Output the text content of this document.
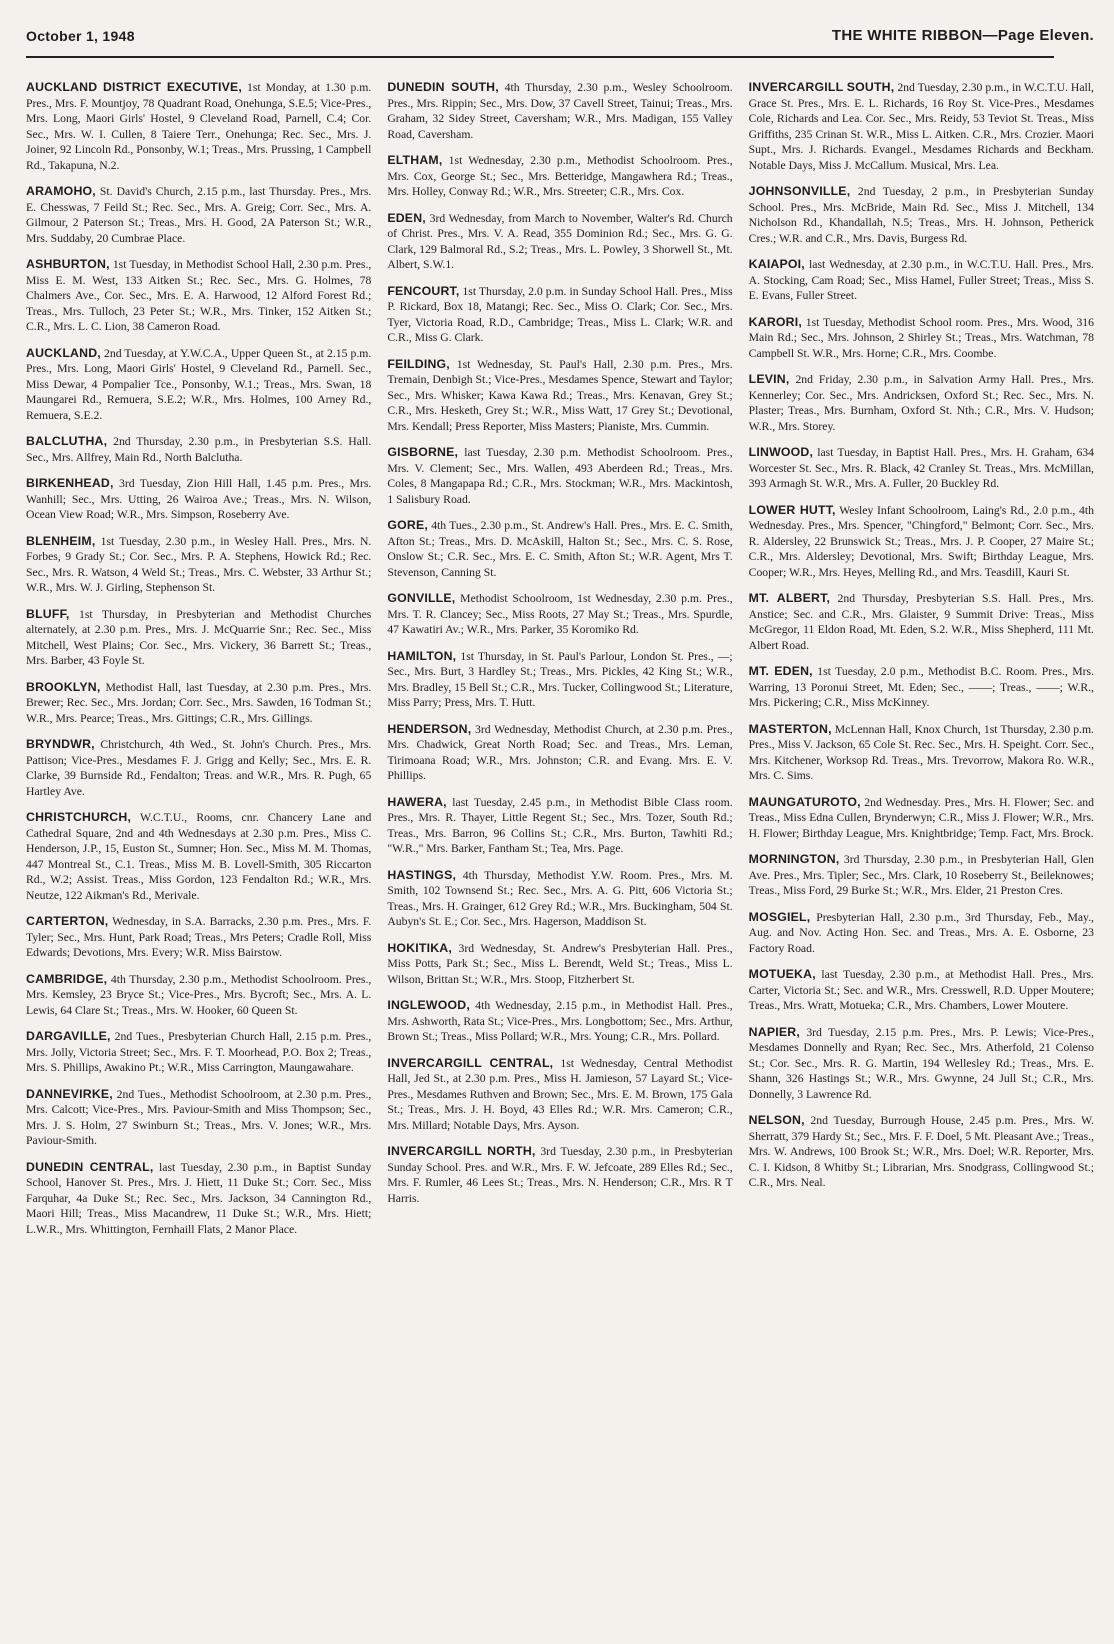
October 1, 1948	THE WHITE RIBBON—Page Eleven.

AUCKLAND DISTRICT EXECUTIVE, 1st Monday, at 1.30 p.m. Pres., Mrs. F. Mountjoy, 78 Quadrant Road, Onehunga, S.E.5; Vice-Pres., Mrs. Long, Maori Girls' Hostel, 9 Cleveland Road, Parnell, C.4; Cor. Sec., Mrs. W. I. Cullen, 8 Taiere Terr., Onehunga; Rec. Sec., Mrs. J. Joiner, 92 Lincoln Rd., Ponsonby, W.1; Treas., Mrs. Prussing, 1 Campbell Rd., Takapuna, N.2.

ARAMOHO, St. David's Church, 2.15 p.m., last Thursday. Pres., Mrs. E. Chesswas, 7 Feild St.; Rec. Sec., Mrs. A. Greig; Corr. Sec., Mrs. A. Gilmour, 2 Paterson St.; Treas., Mrs. H. Good, 2A Paterson St.; W.R., Mrs. Suddaby, 20 Cumbrae Place.

ASHBURTON, 1st Tuesday, in Methodist School Hall, 2.30 p.m. Pres., Miss E. M. West, 133 Aitken St.; Rec. Sec., Mrs. G. Holmes, 78 Chalmers Ave., Cor. Sec., Mrs. E. A. Harwood, 12 Alford Forest Rd.; Treas., Mrs. Tulloch, 23 Peter St.; W.R., Mrs. Tinker, 152 Aitken St.; C.R., Mrs. L. C. Lion, 38 Cameron Road.

AUCKLAND, 2nd Tuesday, at Y.W.C.A., Upper Queen St., at 2.15 p.m. Pres., Mrs. Long, Maori Girls' Hostel, 9 Cleveland Rd., Parnell. Sec., Miss Dewar, 4 Pompalier Tce., Ponsonby, W.1.; Treas., Mrs. Swan, 18 Maungarei Rd., Remuera, S.E.2; W.R., Mrs. Holmes, 100 Arney Rd., Remuera, S.E.2.

BALCLUTHA, 2nd Thursday, 2.30 p.m., in Presbyterian S.S. Hall. Sec., Mrs. Allfrey, Main Rd., North Balclutha.

BIRKENHEAD, 3rd Tuesday, Zion Hill Hall, 1.45 p.m. Pres., Mrs. Wanhill; Sec., Mrs. Utting, 26 Wairoa Ave.; Treas., Mrs. N. Wilson, Ocean View Road; W.R., Mrs. Simpson, Roseberry Ave.

BLENHEIM, 1st Tuesday, 2.30 p.m., in Wesley Hall. Pres., Mrs. N. Forbes, 9 Grady St.; Cor. Sec., Mrs. P. A. Stephens, Howick Rd.; Rec. Sec., Mrs. R. Watson, 4 Weld St.; Treas., Mrs. C. Webster, 33 Arthur St.; W.R., Mrs. W. J. Girling, Stephenson St.

BLUFF, 1st Thursday, in Presbyterian and Methodist Churches alternately, at 2.30 p.m. Pres., Mrs. J. McQuarrie Snr.; Rec. Sec., Miss Mitchell, West Plains; Cor. Sec., Mrs. Vickery, 36 Barrett St.; Treas., Mrs. Barber, 43 Foyle St.

BROOKLYN, Methodist Hall, last Tuesday, at 2.30 p.m. Pres., Mrs. Brewer; Rec. Sec., Mrs. Jordan; Corr. Sec., Mrs. Sawden, 16 Todman St.; W.R., Mrs. Pearce; Treas., Mrs. Gittings; C.R., Mrs. Gillings.

BRYNDWR, Christchurch, 4th Wed., St. John's Church. Pres., Mrs. Pattison; Vice-Pres., Mesdames F. J. Grigg and Kelly; Sec., Mrs. E. R. Clarke, 39 Burnside Rd., Fendalton; Treas. and W.R., Mrs. R. Pugh, 65 Hartley Ave.

CHRISTCHURCH, W.C.T.U., Rooms, cnr. Chancery Lane and Cathedral Square, 2nd and 4th Wednesdays at 2.30 p.m. Pres., Miss C. Henderson, J.P., 15, Euston St., Sumner; Hon. Sec., Miss M. M. Thomas, 447 Montreal St., C.1. Treas., Miss M. B. Lovell-Smith, 305 Riccarton Rd., W.2; Assist. Treas., Miss Gordon, 123 Fendalton Rd.; W.R., Mrs. Neutze, 122 Aikman's Rd., Merivale.

CARTERTON, Wednesday, in S.A. Barracks, 2.30 p.m. Pres., Mrs. F. Tyler; Sec., Mrs. Hunt, Park Road; Treas., Mrs Peters; Cradle Roll, Miss Edwards; Devotions, Mrs. Every; W.R. Miss Bairstow.

CAMBRIDGE, 4th Thursday, 2.30 p.m., Methodist Schoolroom. Pres., Mrs. Kemsley, 23 Bryce St.; Vice-Pres., Mrs. Bycroft; Sec., Mrs. A. L. Lewis, 64 Clare St.; Treas., Mrs. W. Hooker, 60 Queen St.

DARGAVILLE, 2nd Tues., Presbyterian Church Hall, 2.15 p.m. Pres., Mrs. Jolly, Victoria Street; Sec., Mrs. F. T. Moorhead, P.O. Box 2; Treas., Mrs. S. Phillips, Awakino Pt.; W.R., Miss Carrington, Maungawahare.

DANNEVIRKE, 2nd Tues., Methodist Schoolroom, at 2.30 p.m. Pres., Mrs. Calcott; Vice-Pres., Mrs. Paviour-Smith and Miss Thompson; Sec., Mrs. J. S. Holm, 27 Swinburn St.; Treas., Mrs. V. Jones; W.R., Mrs. Paviour-Smith.

DUNEDIN CENTRAL, last Tuesday, 2.30 p.m., in Baptist Sunday School, Hanover St. Pres., Mrs. J. Hiett, 11 Duke St.; Corr. Sec., Miss Farquhar, 4a Duke St.; Rec. Sec., Mrs. Jackson, 34 Cannington Rd., Maori Hill; Treas., Miss Macandrew, 11 Duke St.; W.R., Mrs. Hiett; L.W.R., Mrs. Whittington, Fernhaill Flats, 2 Manor Place.

DUNEDIN SOUTH, 4th Thursday, 2.30 p.m., Wesley Schoolroom. Pres., Mrs. Rippin; Sec., Mrs. Dow, 37 Cavell Street, Tainui; Treas., Mrs. Graham, 32 Sidey Street, Caversham; W.R., Mrs. Madigan, 155 Valley Road, Caversham.

ELTHAM, 1st Wednesday, 2.30 p.m., Methodist Schoolroom. Pres., Mrs. Cox, George St.; Sec., Mrs. Betteridge, Mangawhera Rd.; Treas., Mrs. Holley, Conway Rd.; W.R., Mrs. Streeter; C.R., Mrs. Cox.

EDEN, 3rd Wednesday, from March to November, Walter's Rd. Church of Christ. Pres., Mrs. V. A. Read, 355 Dominion Rd.; Sec., Mrs. G. G. Clark, 129 Balmoral Rd., S.2; Treas., Mrs. L. Powley, 3 Shorwell St., Mt. Albert, S.W.1.

FENCOURT, 1st Thursday, 2.0 p.m. in Sunday School Hall. Pres., Miss P. Rickard, Box 18, Matangi; Rec. Sec., Miss O. Clark; Cor. Sec., Mrs. Tyer, Victoria Road, R.D., Cambridge; Treas., Miss L. Clark; W.R. and C.R., Miss G. Clark.

FEILDING, 1st Wednesday, St. Paul's Hall, 2.30 p.m. Pres., Mrs. Tremain, Denbigh St.; Vice-Pres., Mesdames Spence, Stewart and Taylor; Sec., Mrs. Whisker; Kawa Kawa Rd.; Treas., Mrs. Kenavan, Grey St.; C.R., Mrs. Hesketh, Grey St.; W.R., Miss Watt, 17 Grey St.; Devotional, Mrs. Kendall; Press Reporter, Miss Masters; Pianiste, Mrs. Cummin.

GISBORNE, last Tuesday, 2.30 p.m. Methodist Schoolroom. Pres., Mrs. V. Clement; Sec., Mrs. Wallen, 493 Aberdeen Rd.; Treas., Mrs. Coles, 8 Mangapapa Rd.; C.R., Mrs. Stockman; W.R., Mrs. Mackintosh, 1 Salisbury Road.

GORE, 4th Tues., 2.30 p.m., St. Andrew's Hall. Pres., Mrs. E. C. Smith, Afton St.; Treas., Mrs. D. McAskill, Halton St.; Sec., Mrs. C. S. Rose, Onslow St.; C.R. Sec., Mrs. E. C. Smith, Afton St.; W.R. Agent, Mrs T. Stevenson, Canning St.

GONVILLE, Methodist Schoolroom, 1st Wednesday, 2.30 p.m. Pres., Mrs. T. R. Clancey; Sec., Miss Roots, 27 May St.; Treas., Mrs. Spurdle, 47 Kawatiri Av.; W.R., Mrs. Parker, 35 Koromiko Rd.

HAMILTON, 1st Thursday, in St. Paul's Parlour, London St. Pres., —; Sec., Mrs. Burt, 3 Hardley St.; Treas., Mrs. Pickles, 42 King St.; W.R., Mrs. Bradley, 15 Bell St.; C.R., Mrs. Tucker, Collingwood St.; Literature, Miss Parry; Press, Mrs. T. Hutt.

HENDERSON, 3rd Wednesday, Methodist Church, at 2.30 p.m. Pres., Mrs. Chadwick, Great North Road; Sec. and Treas., Mrs. Leman, Tirimoana Road; W.R., Mrs. Johnston; C.R. and Evang. Mrs. E. V. Phillips.

HAWERA, last Tuesday, 2.45 p.m., in Methodist Bible Class room. Pres., Mrs. R. Thayer, Little Regent St.; Sec., Mrs. Tozer, South Rd.; Treas., Mrs. Barron, 96 Collins St.; C.R., Mrs. Burton, Tawhiti Rd.; "W.R.," Mrs. Barker, Fantham St.; Tea, Mrs. Page.

HASTINGS, 4th Thursday, Methodist Y.W. Room. Pres., Mrs. M. Smith, 102 Townsend St.; Rec. Sec., Mrs. A. G. Pitt, 606 Victoria St.; Treas., Mrs. H. Grainger, 612 Grey Rd.; W.R., Mrs. Buckingham, 504 St. Aubyn's St. E.; Cor. Sec., Mrs. Hagerson, Maddison St.

HOKITIKA, 3rd Wednesday, St. Andrew's Presbyterian Hall. Pres., Miss Potts, Park St.; Sec., Miss L. Berendt, Weld St.; Treas., Miss L. Wilson, Brittan St.; W.R., Mrs. Stoop, Fitzherbert St.

INGLEWOOD, 4th Wednesday, 2.15 p.m., in Methodist Hall. Pres., Mrs. Ashworth, Rata St.; Vice-Pres., Mrs. Longbottom; Sec., Mrs. Arthur, Brown St.; Treas., Miss Pollard; W.R., Mrs. Young; C.R., Mrs. Pollard.

INVERCARGILL CENTRAL, 1st Wednesday, Central Methodist Hall, Jed St., at 2.30 p.m. Pres., Miss H. Jamieson, 57 Layard St.; Vice-Pres., Mesdames Ruthven and Brown; Sec., Mrs. E. M. Brown, 175 Gala St.; Treas., Mrs. J. H. Boyd, 43 Elles Rd.; W.R. Mrs. Cameron; C.R., Mrs. Millard; Notable Days, Mrs. Ayson.

INVERCARGILL NORTH, 3rd Tuesday, 2.30 p.m., in Presbyterian Sunday School. Pres. and W.R., Mrs. F. W. Jefcoate, 289 Elles Rd.; Sec., Mrs. F. Rumler, 46 Lees St.; Treas., Mrs. N. Henderson; C.R., Mrs. R T Harris.

INVERCARGILL SOUTH, 2nd Tuesday, 2.30 p.m., in W.C.T.U. Hall, Grace St. Pres., Mrs. E. L. Richards, 16 Roy St. Vice-Pres., Mesdames Cole, Richards and Lea. Cor. Sec., Mrs. Reidy, 53 Teviot St. Treas., Miss Griffiths, 235 Crinan St. W.R., Miss L. Aitken. C.R., Mrs. Crozier. Maori Supt., Mrs. J. Richards. Evangel., Mesdames Richards and Beckham. Notable Days, Miss J. McCallum. Musical, Mrs. Lea.

JOHNSONVILLE, 2nd Tuesday, 2 p.m., in Presbyterian Sunday School. Pres., Mrs. McBride, Main Rd. Sec., Miss J. Mitchell, 134 Nicholson Rd., Khandallah, N.5; Treas., Mrs. H. Johnson, Petherick Cres.; W.R. and C.R., Mrs. Davis, Burgess Rd.

KAIAPOI, last Wednesday, at 2.30 p.m., in W.C.T.U. Hall. Pres., Mrs. A. Stocking, Cam Road; Sec., Miss Hamel, Fuller Street; Treas., Miss S. E. Evans, Fuller Street.

KARORI, 1st Tuesday, Methodist School room. Pres., Mrs. Wood, 316 Main Rd.; Sec., Mrs. Johnson, 2 Shirley St.; Treas., Mrs. Watchman, 78 Campbell St. W.R., Mrs. Horne; C.R., Mrs. Coombe.

LEVIN, 2nd Friday, 2.30 p.m., in Salvation Army Hall. Pres., Mrs. Kennerley; Cor. Sec., Mrs. Andricksen, Oxford St.; Rec. Sec., Mrs. N. Plaster; Treas., Mrs. Burnham, Oxford St. Nth.; C.R., Mrs. V. Hudson; W.R., Mrs. Storey.

LINWOOD, last Tuesday, in Baptist Hall. Pres., Mrs. H. Graham, 634 Worcester St. Sec., Mrs. R. Black, 42 Cranley St. Treas., Mrs. McMillan, 393 Armagh St. W.R., Mrs. A. Fuller, 20 Buckley Rd.

LOWER HUTT, Wesley Infant Schoolroom, Laing's Rd., 2.0 p.m., 4th Wednesday. Pres., Mrs. Spencer, "Chingford," Belmont; Corr. Sec., Mrs. R. Aldersley, 22 Brunswick St.; Treas., Mrs. J. P. Cooper, 27 Maire St.; C.R., Mrs. Aldersley; Devotional, Mrs. Swift; Birthday League, Mrs. Cooper; W.R., Mrs. Heyes, Melling Rd., and Mrs. Teasdill, Kauri St.

MT. ALBERT, 2nd Thursday, Presbyterian S.S. Hall. Pres., Mrs. Anstice; Sec. and C.R., Mrs. Glaister, 9 Summit Drive: Treas., Miss McGregor, 11 Eldon Road, Mt. Eden, S.2. W.R., Miss Shepherd, 111 Mt. Albert Road.

MT. EDEN, 1st Tuesday, 2.0 p.m., Methodist B.C. Room. Pres., Mrs. Warring, 13 Poronui Street, Mt. Eden; Sec., ——; Treas., ——; W.R., Mrs. Pickering; C.R., Miss McKinney.

MASTERTON, McLennan Hall, Knox Church, 1st Thursday, 2.30 p.m. Pres., Miss V. Jackson, 65 Cole St. Rec. Sec., Mrs. H. Speight. Corr. Sec., Mrs. Kitchener, Worksop Rd. Treas., Mrs. Trevorrow, Makora Ro. W.R., Mrs. C. Sims.

MAUNGATUROTO, 2nd Wednesday. Pres., Mrs. H. Flower; Sec. and Treas., Miss Edna Cullen, Brynderwyn; C.R., Miss J. Flower; W.R., Mrs. H. Flower; Birthday League, Mrs. Knightbridge; Temp. Fact, Mrs. Brock.

MORNINGTON, 3rd Thursday, 2.30 p.m., in Presbyterian Hall, Glen Ave. Pres., Mrs. Tipler; Sec., Mrs. Clark, 10 Roseberry St., Beileknowes; Treas., Miss Ford, 29 Burke St.; W.R., Mrs. Elder, 21 Preston Cres.

MOSGIEL, Presbyterian Hall, 2.30 p.m., 3rd Thursday, Feb., May., Aug. and Nov. Acting Hon. Sec. and Treas., Mrs. A. E. Osborne, 23 Factory Road.

MOTUEKA, last Tuesday, 2.30 p.m., at Methodist Hall. Pres., Mrs. Carter, Victoria St.; Sec. and W.R., Mrs. Cresswell, R.D. Upper Moutere; Treas., Mrs. Wratt, Motueka; C.R., Mrs. Chambers, Lower Moutere.

NAPIER, 3rd Tuesday, 2.15 p.m. Pres., Mrs. P. Lewis; Vice-Pres., Mesdames Donnelly and Ryan; Rec. Sec., Mrs. Atherfold, 21 Colenso St.; Cor. Sec., Mrs. R. G. Martin, 194 Wellesley Rd.; Treas., Mrs. E. Shann, 326 Hastings St.; W.R., Mrs. Gwynne, 24 Jull St.; C.R., Mrs. Donnelly, 3 Lawrence Rd.

NELSON, 2nd Tuesday, Burrough House, 2.45 p.m. Pres., Mrs. W. Sherratt, 379 Hardy St.; Sec., Mrs. F. F. Doel, 5 Mt. Pleasant Ave.; Treas., Mrs. W. Andrews, 100 Brook St.; W.R., Mrs. Doel; W.R. Reporter, Mrs. C. I. Kidson, 8 Whitby St.; Librarian, Mrs. Snodgrass, Collingwood St.; C.R., Mrs. Neal.
